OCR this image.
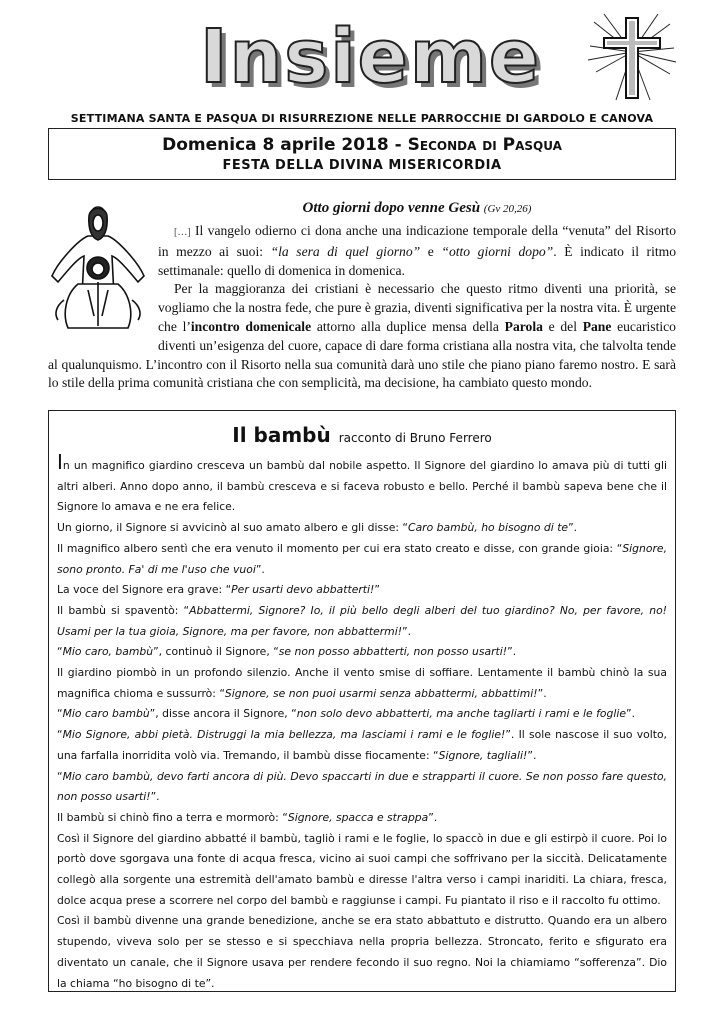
Insieme
SETTIMANA SANTA E PASQUA DI RISURREZIONE NELLE PARROCCHIE DI GARDOLO E CANOVA
Domenica 8 aprile 2018 - Seconda di Pasqua
FESTA DELLA DIVINA MISERICORDIA
Otto giorni dopo venne Gesù (Gv 20,26)

[…] Il vangelo odierno ci dona anche una indicazione temporale della “venuta” del Risorto in mezzo ai suoi: “la sera di quel giorno” e “otto giorni dopo”. È indicato il ritmo settimanale: quello di domenica in domenica.

Per la maggioranza dei cristiani è necessario che questo ritmo diventi una priorità, se vogliamo che la nostra fede, che pure è grazia, diventi significativa per la nostra vita. È urgente che l’incontro domenicale attorno alla duplice mensa della Parola e del Pane eucaristico diventi un’esigenza del cuore, capace di dare forma cristiana alla nostra vita, che talvolta tende al qualunquismo. L’incontro con il Risorto nella sua comunità darà uno stile che piano piano faremo nostro. E sarà lo stile della prima comunità cristiana che con semplicità, ma decisione, ha cambiato questo mondo.

Il bambù racconto di Bruno Ferrero

In un magnifico giardino cresceva un bambù dal nobile aspetto. Il Signore del giardino lo amava più di tutti gli altri alberi. Anno dopo anno, il bambù cresceva e si faceva robusto e bello. Perché il bambù sapeva bene che il Signore lo amava e ne era felice.

Un giorno, il Signore si avvicinò al suo amato albero e gli disse: “Caro bambù, ho bisogno di te”.

Il magnifico albero sentì che era venuto il momento per cui era stato creato e disse, con grande gioia: “Signore, sono pronto. Fa' di me l'uso che vuoi”.

La voce del Signore era grave: “Per usarti devo abbatterti!”

Il bambù si spaventò: “Abbattermi, Signore? Io, il più bello degli alberi del tuo giardino? No, per favore, no! Usami per la tua gioia, Signore, ma per favore, non abbattermi!”.

“Mio caro, bambù”, continuò il Signore, “se non posso abbatterti, non posso usarti!”.

Il giardino piombò in un profondo silenzio. Anche il vento smise di soffiare. Lentamente il bambù chinò la sua magnifica chioma e sussurrò: “Signore, se non puoi usarmi senza abbattermi, abbattimi!”.

“Mio caro bambù”, disse ancora il Signore, “non solo devo abbatterti, ma anche tagliarti i rami e le foglie”.

“Mio Signore, abbi pietà. Distruggi la mia bellezza, ma lasciami i rami e le foglie!”. Il sole nascose il suo volto, una farfalla inorridita volò via. Tremando, il bambù disse fiocamente: “Signore, tagliali!”.

“Mio caro bambù, devo farti ancora di più. Devo spaccarti in due e strapparti il cuore. Se non posso fare questo, non posso usarti!”.

Il bambù si chinò fino a terra e mormorò: “Signore, spacca e strappa”.

Così il Signore del giardino abbatté il bambù, tagliò i rami e le foglie, lo spaccò in due e gli estirpò il cuore. Poi lo portò dove sgorgava una fonte di acqua fresca, vicino ai suoi campi che soffrivano per la siccità. Delicatamente collegò alla sorgente una estremità dell'amato bambù e diresse l'altra verso i campi inariditi. La chiara, fresca, dolce acqua prese a scorrere nel corpo del bambù e raggiunse i campi. Fu piantato il riso e il raccolto fu ottimo.

Così il bambù divenne una grande benedizione, anche se era stato abbattuto e distrutto. Quando era un albero stupendo, viveva solo per se stesso e si specchiava nella propria bellezza. Stroncato, ferito e sfigurato era diventato un canale, che il Signore usava per rendere fecondo il suo regno. Noi la chiamiamo “sofferenza”. Dio la chiama “ho bisogno di te”.
